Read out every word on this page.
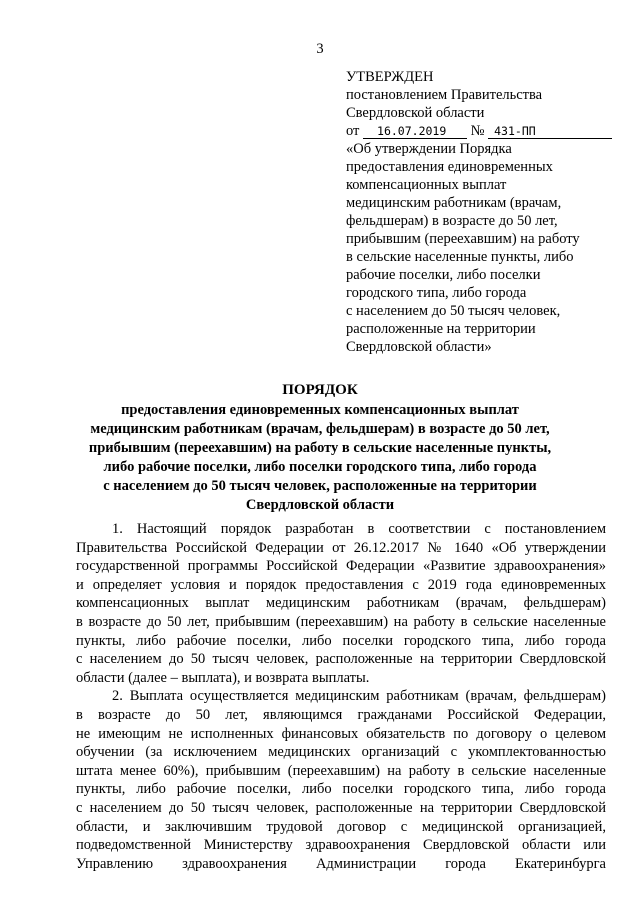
3
УТВЕРЖДЕН
постановлением Правительства
Свердловской области
от 16.07.2019 № 431-ПП
«Об утверждении Порядка
предоставления единовременных
компенсационных выплат
медицинским работникам (врачам,
фельдшерам) в возрасте до 50 лет,
прибывшим (переехавшим) на работу
в сельские населенные пункты, либо
рабочие поселки, либо поселки
городского типа, либо города
с населением до 50 тысяч человек,
расположенные на территории
Свердловской области»
ПОРЯДОК
предоставления единовременных компенсационных выплат
медицинским работникам (врачам, фельдшерам) в возрасте до 50 лет,
прибывшим (переехавшим) на работу в сельские населенные пункты,
либо рабочие поселки, либо поселки городского типа, либо города
с населением до 50 тысяч человек, расположенные на территории
Свердловской области
1. Настоящий порядок разработан в соответствии с постановлением
Правительства Российской Федерации от 26.12.2017 № 1640 «Об утверждении
государственной программы Российской Федерации «Развитие здравоохранения»
и определяет условия и порядок предоставления с 2019 года единовременных
компенсационных выплат медицинским работникам (врачам, фельдшерам)
в возрасте до 50 лет, прибывшим (переехавшим) на работу в сельские населенные
пункты, либо рабочие поселки, либо поселки городского типа, либо города
с населением до 50 тысяч человек, расположенные на территории Свердловской
области (далее – выплата), и возврата выплаты.
2. Выплата осуществляется медицинским работникам (врачам, фельдшерам)
в возрасте до 50 лет, являющимся гражданами Российской Федерации,
не имеющим не исполненных финансовых обязательств по договору о целевом
обучении (за исключением медицинских организаций с укомплектованностью
штата менее 60%), прибывшим (переехавшим) на работу в сельские населенные
пункты, либо рабочие поселки, либо поселки городского типа, либо города
с населением до 50 тысяч человек, расположенные на территории Свердловской
области, и заключившим трудовой договор с медицинской организацией,
подведомственной Министерству здравоохранения Свердловской области или
Управлению здравоохранения Администрации города Екатеринбурга
